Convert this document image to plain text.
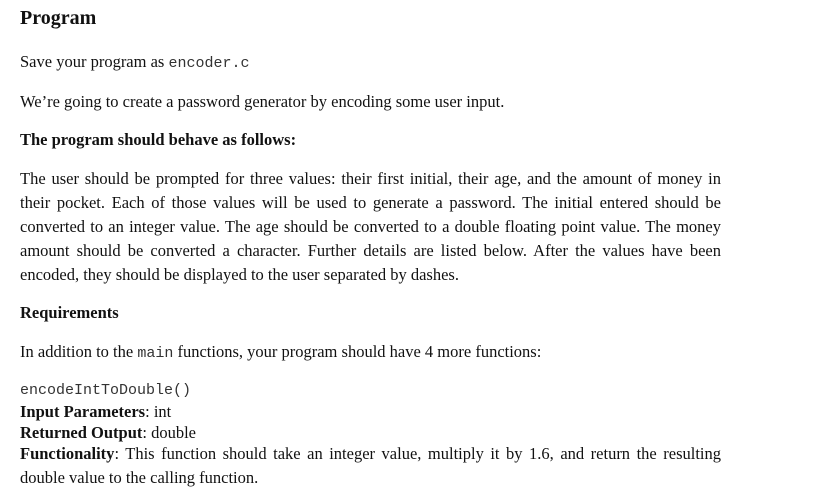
Program

Save your program as encoder.c

We’re going to create a password generator by encoding some user input.

The program should behave as follows:

The user should be prompted for three values: their first initial, their age, and the amount of money in their pocket. Each of those values will be used to generate a password. The initial entered should be converted to an integer value. The age should be converted to a double floating point value. The money amount should be converted a character. Further details are listed below. After the values have been encoded, they should be displayed to the user separated by dashes.

Requirements

In addition to the main functions, your program should have 4 more functions:

encodeIntToDouble()
Input Parameters: int
Returned Output: double

Functionality: This function should take an integer value, multiply it by 1.6, and return the resulting double value to the calling function.
